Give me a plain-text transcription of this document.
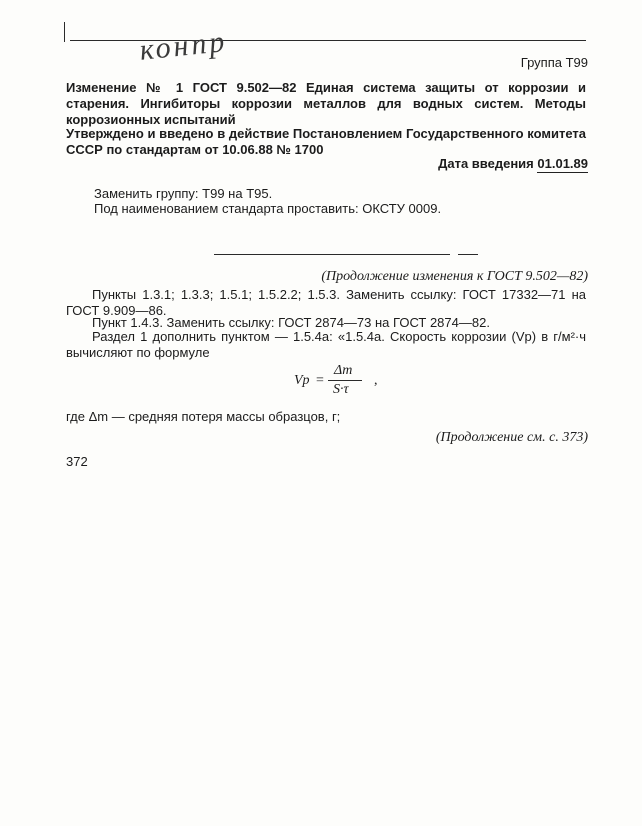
конпр	Группа Т99
Изменение № 1 ГОСТ 9.502—82 Единая система защиты от коррозии и старения. Ингибиторы коррозии металлов для водных систем. Методы коррозионных испытаний
Утверждено и введено в действие Постановлением Государственного комитета СССР по стандартам от 10.06.88 № 1700
Дата введения 01.01.89
Заменить группу: Т99 на Т95.
Под наименованием стандарта проставить: ОКСТУ 0009.
(Продолжение изменения к ГОСТ 9.502—82)
Пункты 1.3.1; 1.3.3; 1.5.1; 1.5.2.2; 1.5.3. Заменить ссылку: ГОСТ 17332—71 на ГОСТ 9.909—86.
Пункт 1.4.3. Заменить ссылку: ГОСТ 2874—73 на ГОСТ 2874—82.
Раздел 1 дополнить пунктом — 1.5.4а: «1.5.4а. Скорость коррозии (Vp) в г/м²·ч вычисляют по формуле
Vp =
Δm
S·τ
,
где Δm — средняя потеря массы образцов, г;
(Продолжение см. с. 373)
372
